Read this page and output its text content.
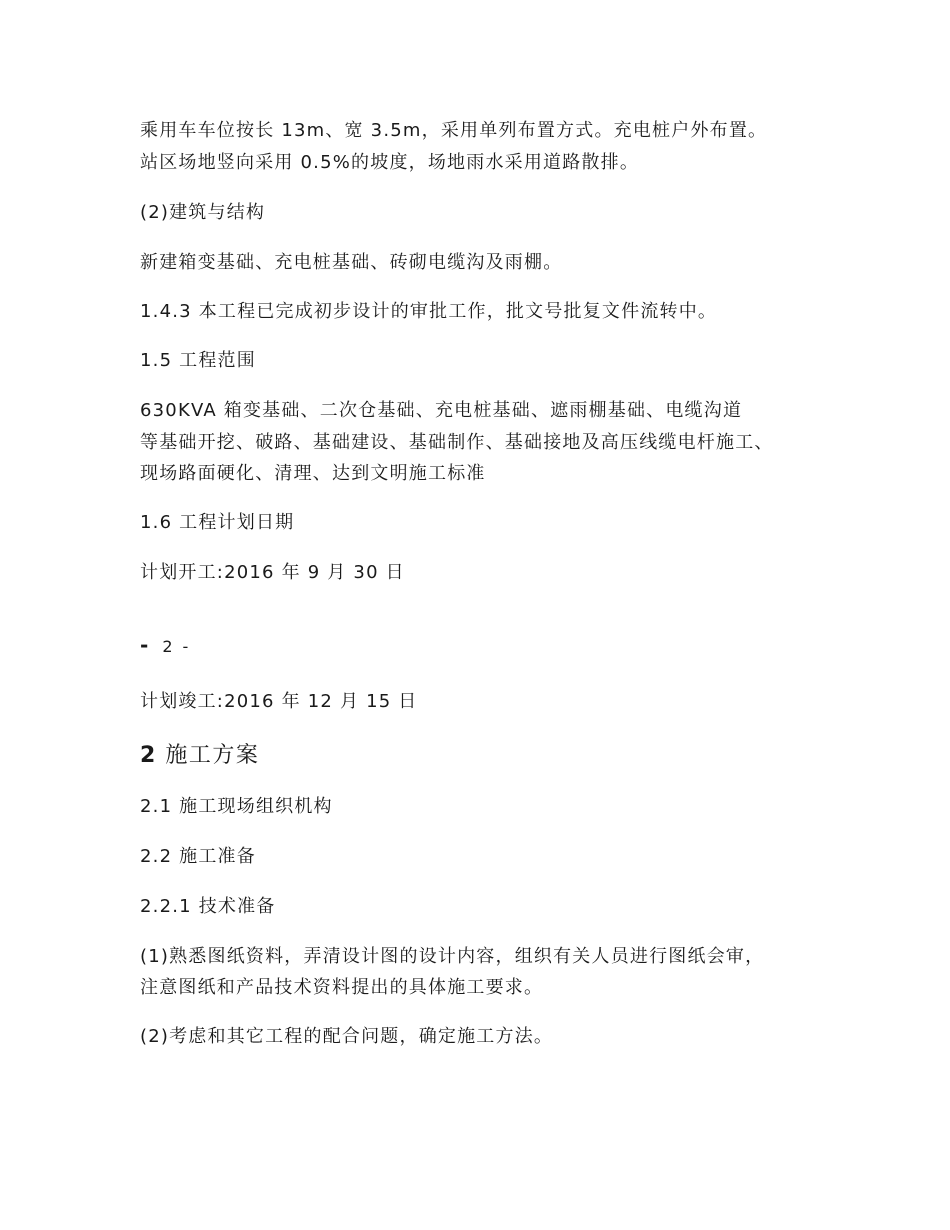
乘用车车位按长 13m、宽 3.5m，采用单列布置方式。充电桩户外布置。

站区场地竖向采用 0.5%的坡度，场地雨水采用道路散排。

(2)建筑与结构

新建箱变基础、充电桩基础、砖砌电缆沟及雨棚。

1.4.3 本工程已完成初步设计的审批工作，批文号批复文件流转中。

1.5 工程范围

630KVA 箱变基础、二次仓基础、充电桩基础、遮雨棚基础、电缆沟道

等基础开挖、破路、基础建设、基础制作、基础接地及高压线缆电杆施工、

现场路面硬化、清理、达到文明施工标准

1.6 工程计划日期

计划开工:2016 年 9 月 30 日

- 2 -

计划竣工:2016 年 12 月 15 日

2 施工方案

2.1 施工现场组织机构

2.2 施工准备

2.2.1 技术准备

(1)熟悉图纸资料，弄清设计图的设计内容，组织有关人员进行图纸会审，

注意图纸和产品技术资料提出的具体施工要求。

(2)考虑和其它工程的配合问题，确定施工方法。
